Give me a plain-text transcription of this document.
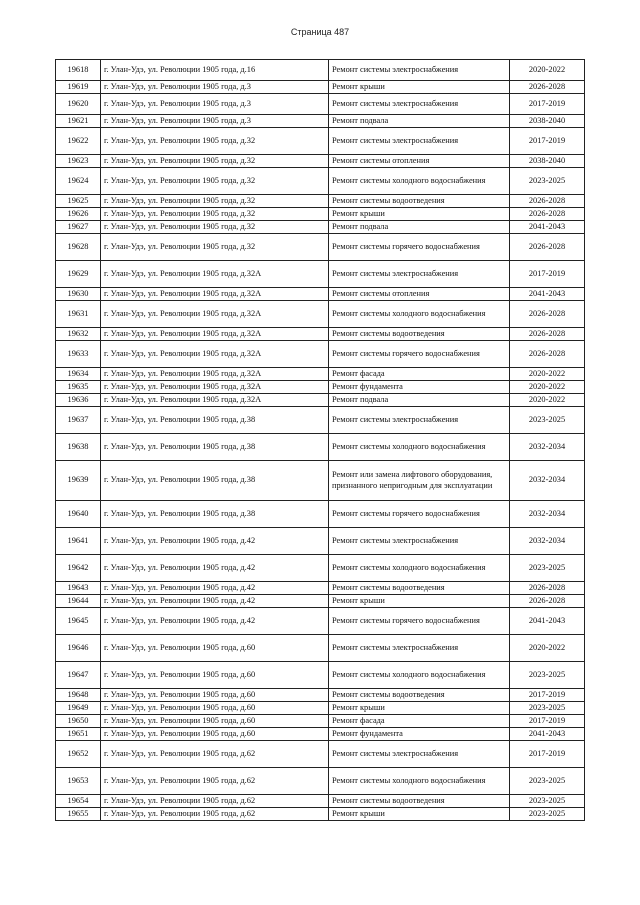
Страница 487
19618	г. Улан-Удэ, ул. Революции 1905 года, д.16	Ремонт системы электроснабжения	2020-2022
19619	г. Улан-Удэ, ул. Революции 1905 года, д.3	Ремонт крыши	2026-2028
19620	г. Улан-Удэ, ул. Революции 1905 года, д.3	Ремонт системы электроснабжения	2017-2019
19621	г. Улан-Удэ, ул. Революции 1905 года, д.3	Ремонт подвала	2038-2040
19622	г. Улан-Удэ, ул. Революции 1905 года, д.32	Ремонт системы электроснабжения	2017-2019
19623	г. Улан-Удэ, ул. Революции 1905 года, д.32	Ремонт системы отопления	2038-2040
19624	г. Улан-Удэ, ул. Революции 1905 года, д.32	Ремонт системы холодного водоснабжения	2023-2025
19625	г. Улан-Удэ, ул. Революции 1905 года, д.32	Ремонт системы водоотведения	2026-2028
19626	г. Улан-Удэ, ул. Революции 1905 года, д.32	Ремонт крыши	2026-2028
19627	г. Улан-Удэ, ул. Революции 1905 года, д.32	Ремонт подвала	2041-2043
19628	г. Улан-Удэ, ул. Революции 1905 года, д.32	Ремонт системы горячего водоснабжения	2026-2028
19629	г. Улан-Удэ, ул. Революции 1905 года, д.32А	Ремонт системы электроснабжения	2017-2019
19630	г. Улан-Удэ, ул. Революции 1905 года, д.32А	Ремонт системы отопления	2041-2043
19631	г. Улан-Удэ, ул. Революции 1905 года, д.32А	Ремонт системы холодного водоснабжения	2026-2028
19632	г. Улан-Удэ, ул. Революции 1905 года, д.32А	Ремонт системы водоотведения	2026-2028
19633	г. Улан-Удэ, ул. Революции 1905 года, д.32А	Ремонт системы горячего водоснабжения	2026-2028
19634	г. Улан-Удэ, ул. Революции 1905 года, д.32А	Ремонт фасада	2020-2022
19635	г. Улан-Удэ, ул. Революции 1905 года, д.32А	Ремонт фундамента	2020-2022
19636	г. Улан-Удэ, ул. Революции 1905 года, д.32А	Ремонт подвала	2020-2022
19637	г. Улан-Удэ, ул. Революции 1905 года, д.38	Ремонт системы электроснабжения	2023-2025
19638	г. Улан-Удэ, ул. Революции 1905 года, д.38	Ремонт системы холодного водоснабжения	2032-2034
19639	г. Улан-Удэ, ул. Революции 1905 года, д.38	Ремонт или замена лифтового оборудования, признанного непригодным для эксплуатации	2032-2034
19640	г. Улан-Удэ, ул. Революции 1905 года, д.38	Ремонт системы горячего водоснабжения	2032-2034
19641	г. Улан-Удэ, ул. Революции 1905 года, д.42	Ремонт системы электроснабжения	2032-2034
19642	г. Улан-Удэ, ул. Революции 1905 года, д.42	Ремонт системы холодного водоснабжения	2023-2025
19643	г. Улан-Удэ, ул. Революции 1905 года, д.42	Ремонт системы водоотведения	2026-2028
19644	г. Улан-Удэ, ул. Революции 1905 года, д.42	Ремонт крыши	2026-2028
19645	г. Улан-Удэ, ул. Революции 1905 года, д.42	Ремонт системы горячего водоснабжения	2041-2043
19646	г. Улан-Удэ, ул. Революции 1905 года, д.60	Ремонт системы электроснабжения	2020-2022
19647	г. Улан-Удэ, ул. Революции 1905 года, д.60	Ремонт системы холодного водоснабжения	2023-2025
19648	г. Улан-Удэ, ул. Революции 1905 года, д.60	Ремонт системы водоотведения	2017-2019
19649	г. Улан-Удэ, ул. Революции 1905 года, д.60	Ремонт крыши	2023-2025
19650	г. Улан-Удэ, ул. Революции 1905 года, д.60	Ремонт фасада	2017-2019
19651	г. Улан-Удэ, ул. Революции 1905 года, д.60	Ремонт фундамента	2041-2043
19652	г. Улан-Удэ, ул. Революции 1905 года, д.62	Ремонт системы электроснабжения	2017-2019
19653	г. Улан-Удэ, ул. Революции 1905 года, д.62	Ремонт системы холодного водоснабжения	2023-2025
19654	г. Улан-Удэ, ул. Революции 1905 года, д.62	Ремонт системы водоотведения	2023-2025
19655	г. Улан-Удэ, ул. Революции 1905 года, д.62	Ремонт крыши	2023-2025
